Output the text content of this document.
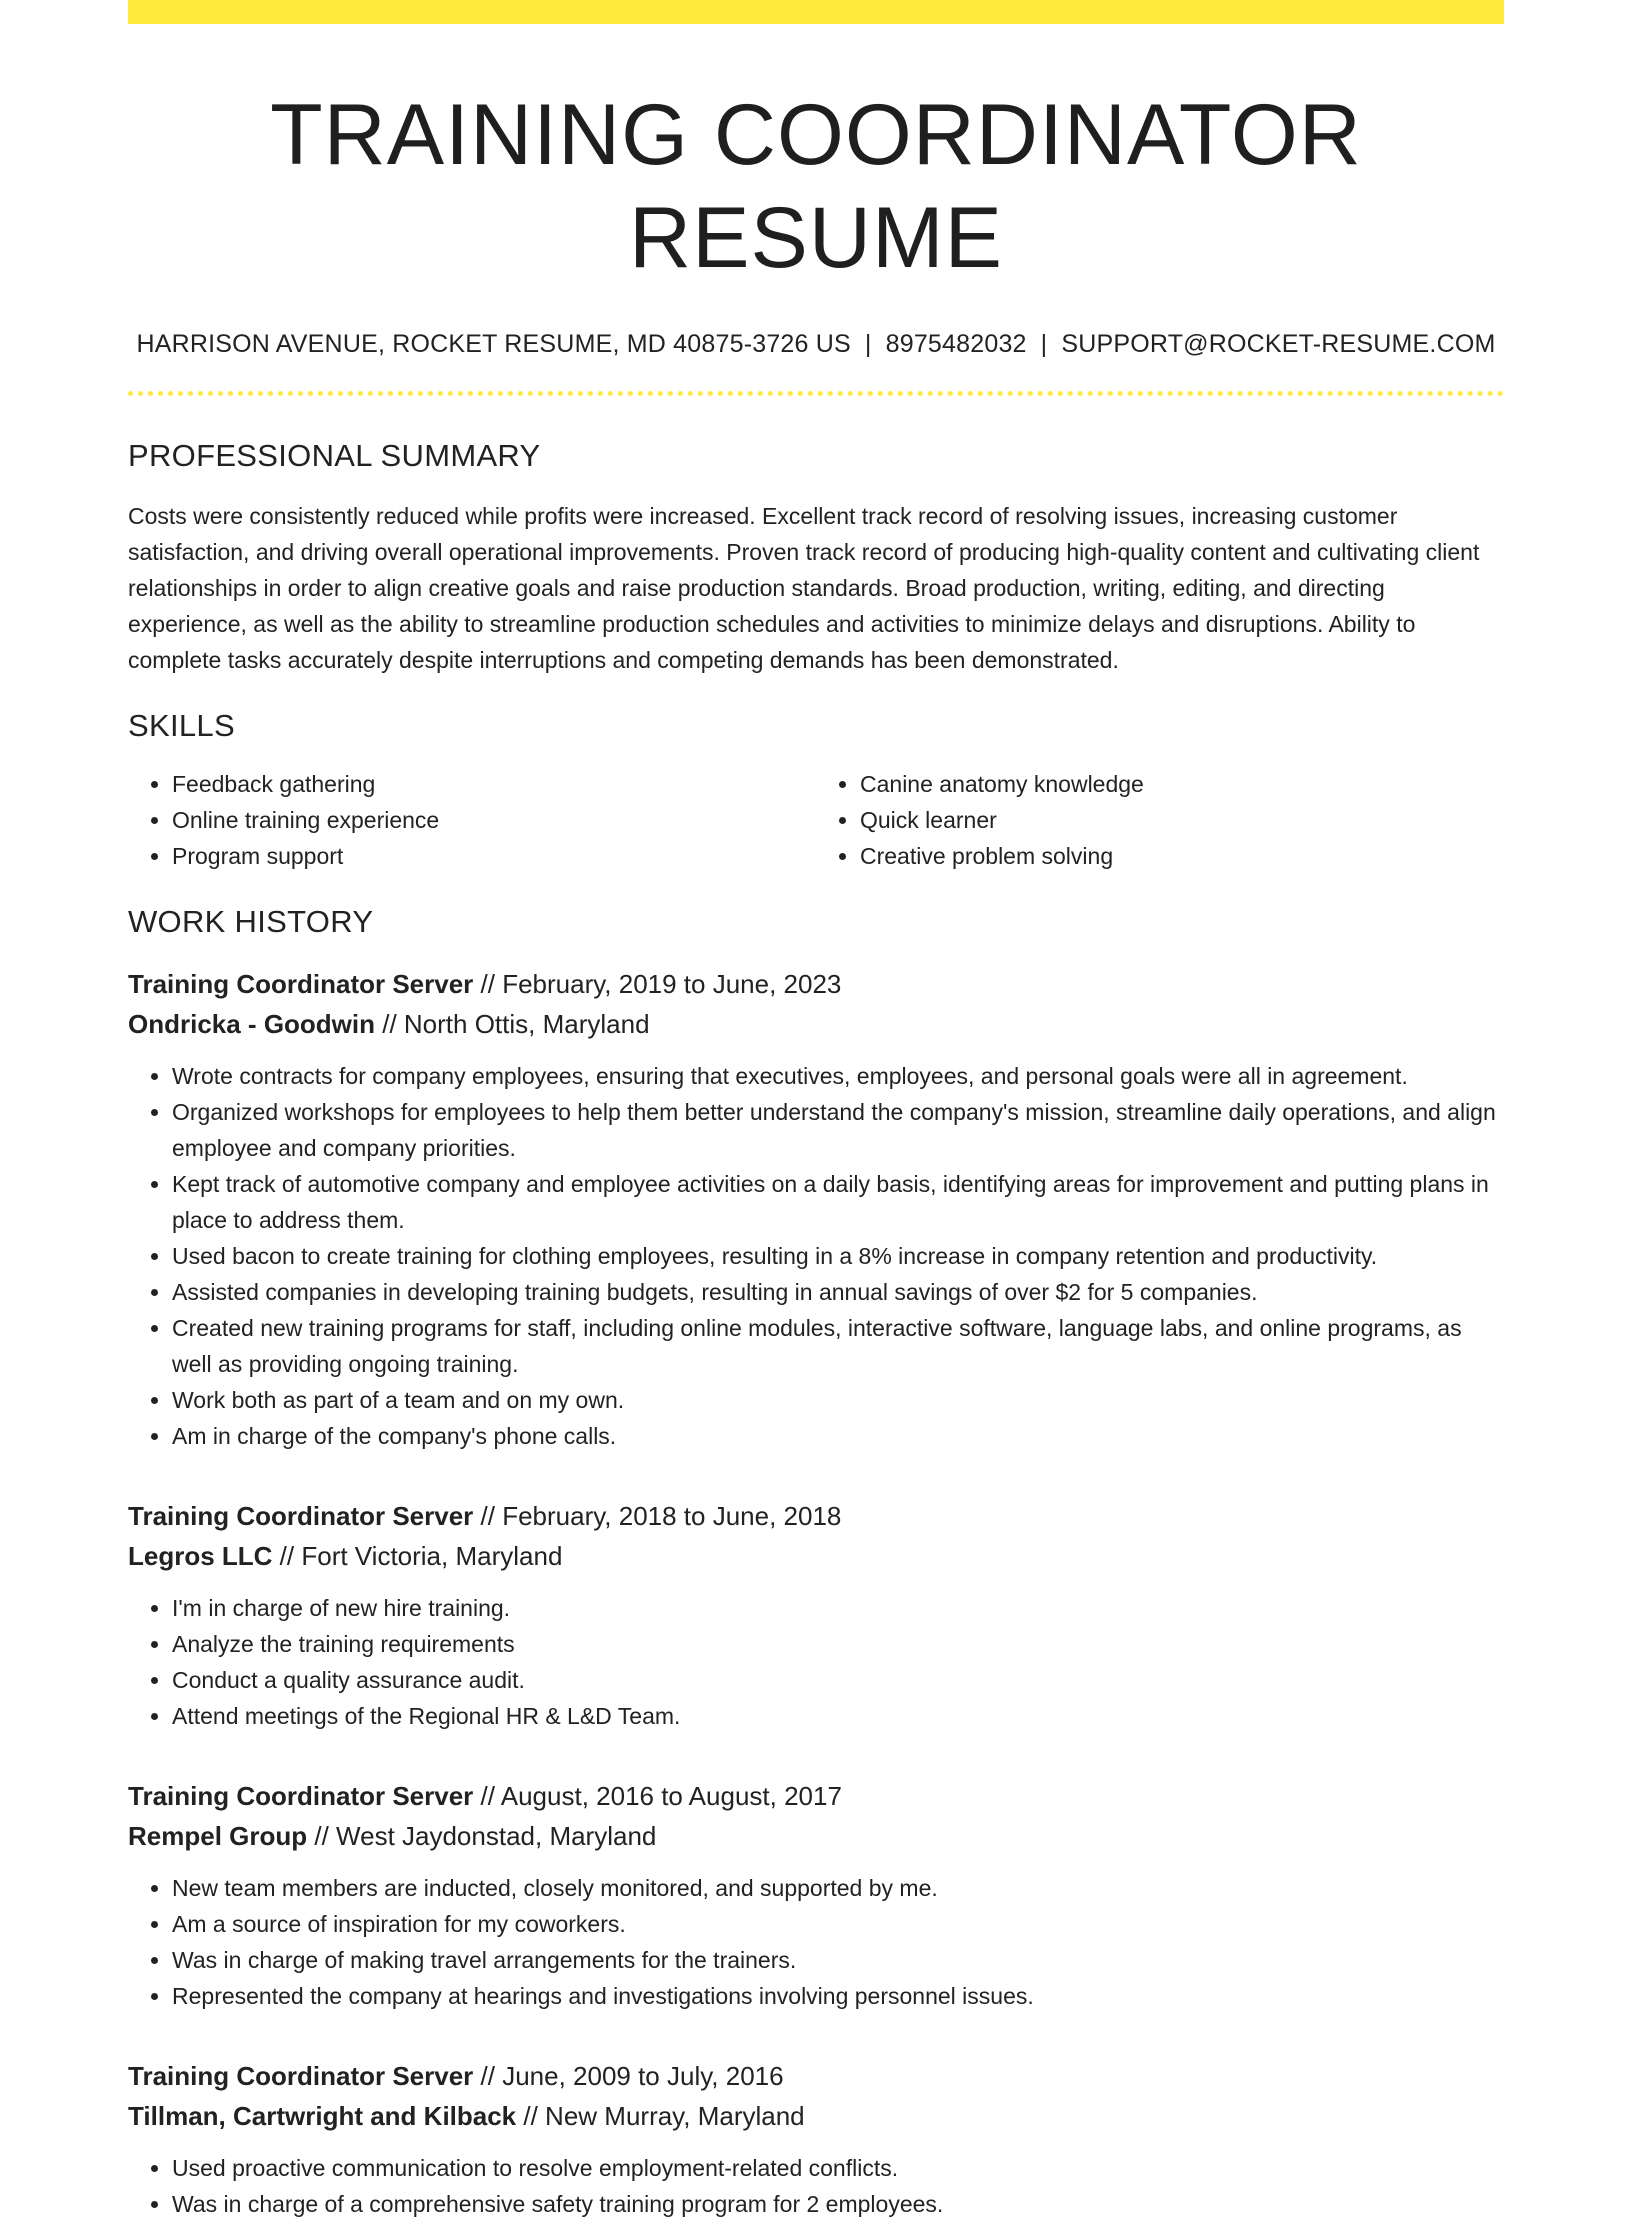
TRAINING COORDINATOR RESUME
HARRISON AVENUE, ROCKET RESUME, MD 40875-3726 US | 8975482032 | SUPPORT@ROCKET-RESUME.COM
PROFESSIONAL SUMMARY

Costs were consistently reduced while profits were increased. Excellent track record of resolving issues, increasing customer satisfaction, and driving overall operational improvements. Proven track record of producing high-quality content and cultivating client relationships in order to align creative goals and raise production standards. Broad production, writing, editing, and directing experience, as well as the ability to streamline production schedules and activities to minimize delays and disruptions. Ability to complete tasks accurately despite interruptions and competing demands has been demonstrated.

SKILLS
• Feedback gathering
• Online training experience
• Program support
• Canine anatomy knowledge
• Quick learner
• Creative problem solving
WORK HISTORY
Training Coordinator Server // February, 2019 to June, 2023
Ondricka - Goodwin // North Ottis, Maryland
• Wrote contracts for company employees, ensuring that executives, employees, and personal goals were all in agreement.
• Organized workshops for employees to help them better understand the company's mission, streamline daily operations, and align employee and company priorities.
• Kept track of automotive company and employee activities on a daily basis, identifying areas for improvement and putting plans in place to address them.
• Used bacon to create training for clothing employees, resulting in a 8% increase in company retention and productivity.
• Assisted companies in developing training budgets, resulting in annual savings of over $2 for 5 companies.
• Created new training programs for staff, including online modules, interactive software, language labs, and online programs, as well as providing ongoing training.
• Work both as part of a team and on my own.
• Am in charge of the company's phone calls.
Training Coordinator Server // February, 2018 to June, 2018
Legros LLC // Fort Victoria, Maryland
• I'm in charge of new hire training.
• Analyze the training requirements
• Conduct a quality assurance audit.
• Attend meetings of the Regional HR & L&D Team.
Training Coordinator Server // August, 2016 to August, 2017
Rempel Group // West Jaydonstad, Maryland
• New team members are inducted, closely monitored, and supported by me.
• Am a source of inspiration for my coworkers.
• Was in charge of making travel arrangements for the trainers.
• Represented the company at hearings and investigations involving personnel issues.
Training Coordinator Server // June, 2009 to July, 2016
Tillman, Cartwright and Kilback // New Murray, Maryland
• Used proactive communication to resolve employment-related conflicts.
• Was in charge of a comprehensive safety training program for 2 employees.
